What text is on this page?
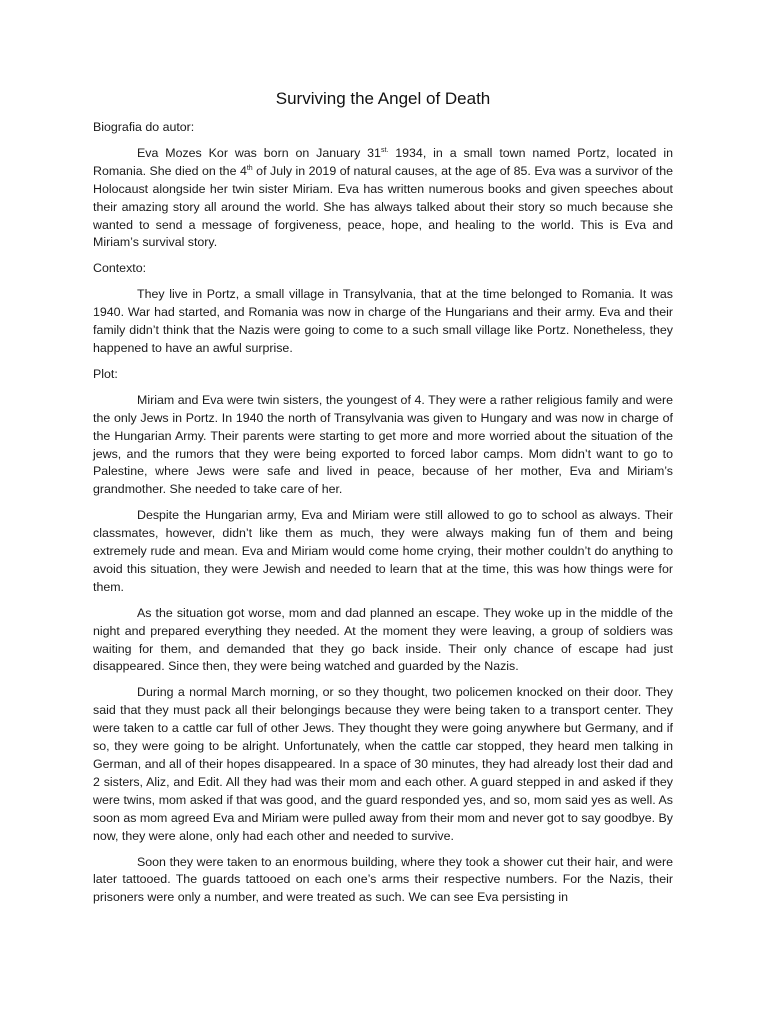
Surviving the Angel of Death
Biografia do autor:
Eva Mozes Kor was born on January $31^{st.}$ 1934, in a small town named Portz, located in Romania. She died on the 4th of July in 2019 of natural causes, at the age of 85. Eva was a survivor of the Holocaust alongside her twin sister Miriam. Eva has written numerous books and given speeches about their amazing story all around the world. She has always talked about their story so much because she wanted to send a message of forgiveness, peace, hope, and healing to the world. This is Eva and Miriam’s survival story.
Contexto:
They live in Portz, a small village in Transylvania, that at the time belonged to Romania. It was 1940. War had started, and Romania was now in charge of the Hungarians and their army. Eva and their family didn’t think that the Nazis were going to come to a such small village like Portz. Nonetheless, they happened to have an awful surprise.
Plot:
Miriam and Eva were twin sisters, the youngest of 4. They were a rather religious family and were the only Jews in Portz. In 1940 the north of Transylvania was given to Hungary and was now in charge of the Hungarian Army. Their parents were starting to get more and more worried about the situation of the jews, and the rumors that they were being exported to forced labor camps. Mom didn’t want to go to Palestine, where Jews were safe and lived in peace, because of her mother, Eva and Miriam’s grandmother. She needed to take care of her.
Despite the Hungarian army, Eva and Miriam were still allowed to go to school as always. Their classmates, however, didn’t like them as much, they were always making fun of them and being extremely rude and mean. Eva and Miriam would come home crying, their mother couldn’t do anything to avoid this situation, they were Jewish and needed to learn that at the time, this was how things were for them.
As the situation got worse, mom and dad planned an escape. They woke up in the middle of the night and prepared everything they needed. At the moment they were leaving, a group of soldiers was waiting for them, and demanded that they go back inside. Their only chance of escape had just disappeared. Since then, they were being watched and guarded by the Nazis.
During a normal March morning, or so they thought, two policemen knocked on their door. They said that they must pack all their belongings because they were being taken to a transport center. They were taken to a cattle car full of other Jews. They thought they were going anywhere but Germany, and if so, they were going to be alright. Unfortunately, when the cattle car stopped, they heard men talking in German, and all of their hopes disappeared. In a space of 30 minutes, they had already lost their dad and 2 sisters, Aliz, and Edit. All they had was their mom and each other. A guard stepped in and asked if they were twins, mom asked if that was good, and the guard responded yes, and so, mom said yes as well. As soon as mom agreed Eva and Miriam were pulled away from their mom and never got to say goodbye. By now, they were alone, only had each other and needed to survive.
Soon they were taken to an enormous building, where they took a shower cut their hair, and were later tattooed. The guards tattooed on each one’s arms their respective numbers. For the Nazis, their prisoners were only a number, and were treated as such. We can see Eva persisting in
